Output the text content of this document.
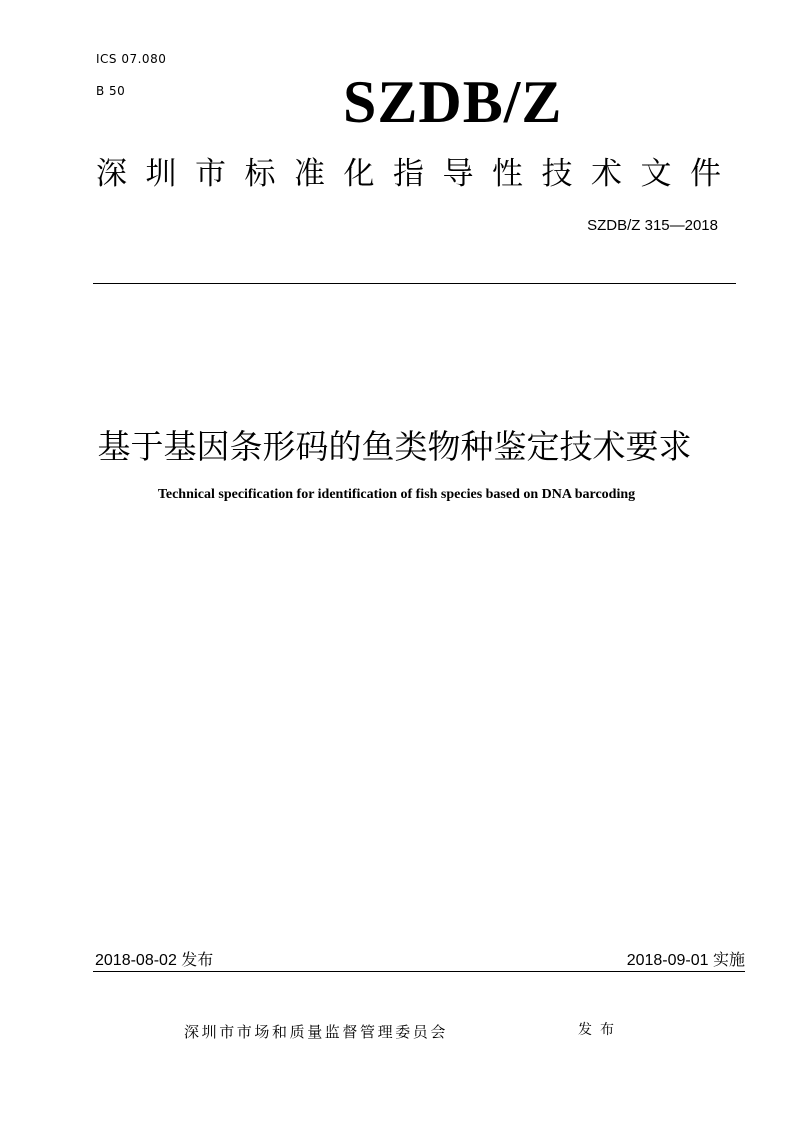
ICS 07.080
B 50	SZDB/Z
深圳市标准化指导性技术文件
SZDB/Z 315—2018
基于基因条形码的鱼类物种鉴定技术要求
Technical specification for identification of fish species based on DNA barcoding
2018-08-02 发布	2018-09-01 实施
深圳市市场和质量监督管理委员会	发布
